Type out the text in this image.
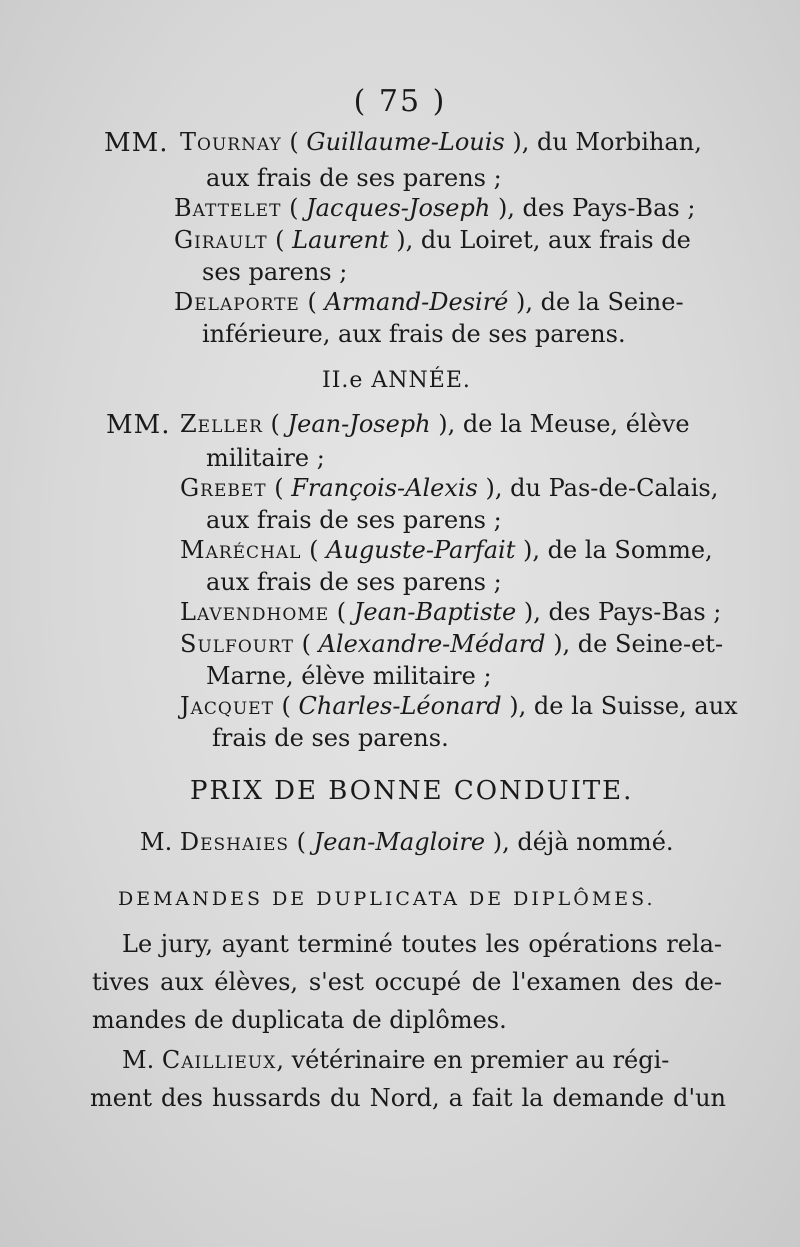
( 75 )
MM. Tournay ( Guillaume-Louis ), du Morbihan,
aux frais de ses parens ;
Battelet ( Jacques-Joseph ), des Pays-Bas ;
Girault ( Laurent ), du Loiret, aux frais de
ses parens ;
Delaporte ( Armand-Desiré ), de la Seine-
inférieure, aux frais de ses parens.
II.e ANNÉE.
MM. Zeller ( Jean-Joseph ), de la Meuse, élève
militaire ;
Grebet ( François-Alexis ), du Pas-de-Calais,
aux frais de ses parens ;
Maréchal ( Auguste-Parfait ), de la Somme,
aux frais de ses parens ;
Lavendhome ( Jean-Baptiste ), des Pays-Bas ;
Sulfourt ( Alexandre-Médard ), de Seine-et-
Marne, élève militaire ;
Jacquet ( Charles-Léonard ), de la Suisse, aux
frais de ses parens.
PRIX DE BONNE CONDUITE.
M. Deshaies ( Jean-Magloire ), déjà nommé.
DEMANDES DE DUPLICATA DE DIPLÔMES.
Le jury, ayant terminé toutes les opérations rela-
tives aux élèves, s'est occupé de l'examen des de-
mandes de duplicata de diplômes.
M. Caillieux, vétérinaire en premier au régi-
ment des hussards du Nord, a fait la demande d'un
